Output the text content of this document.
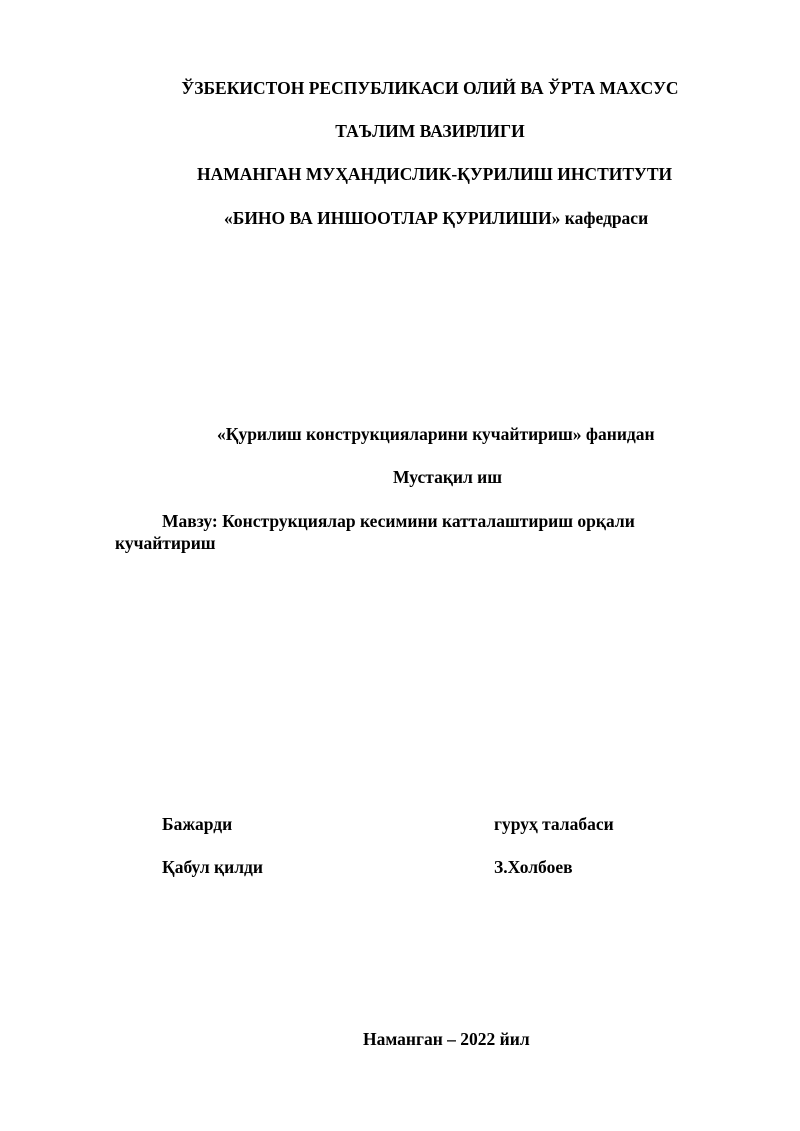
ЎЗБЕКИСТОН РЕСПУБЛИКАСИ ОЛИЙ ВА ЎРТА МАХСУС
ТАЪЛИМ ВАЗИРЛИГИ
НАМАНГАН МУҲАНДИСЛИК-ҚУРИЛИШ ИНСТИТУТИ
«БИНО ВА ИНШООТЛАР ҚУРИЛИШИ» кафедраси
«Қурилиш конструкцияларини кучайтириш» фанидан
Мустақил иш
Мавзу: Конструкциялар кесимини катталаштириш орқали
кучайтириш
Бажарди	гуруҳ талабаси
Қабул қилди	З.Холбоев
Наманган – 2022 йил
